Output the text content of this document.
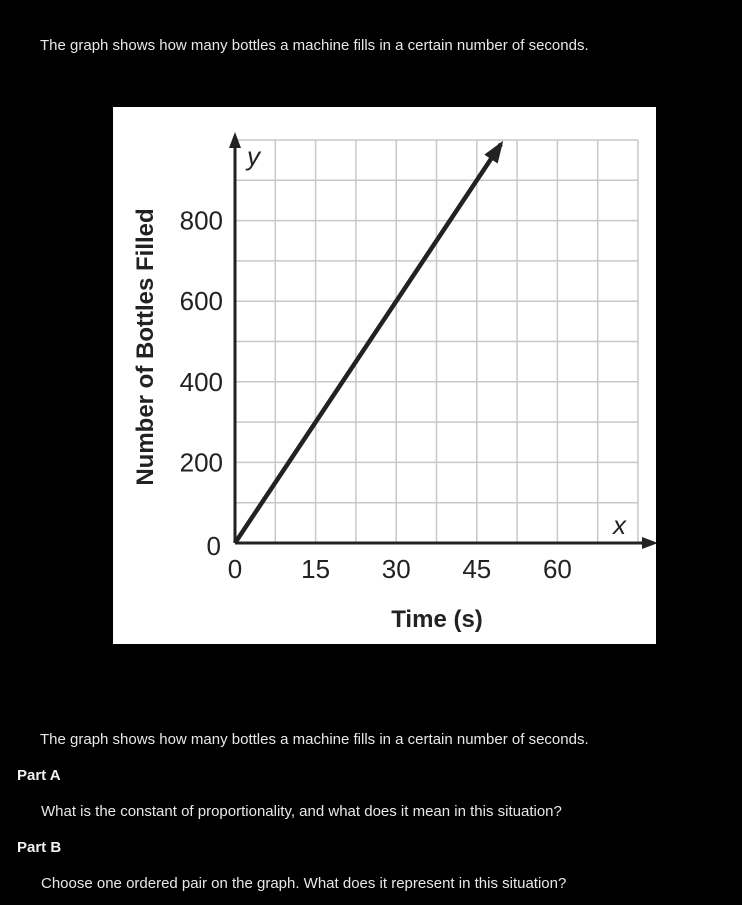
The graph shows how many bottles a machine fills in a certain number of seconds.
0 15 30 45 60
0
200
400
600
800
Number of Bottles Filled
Time (s)
y
x
The graph shows how many bottles a machine fills in a certain number of seconds.
Part A
What is the constant of proportionality, and what does it mean in this situation?
Part B
Choose one ordered pair on the graph. What does it represent in this situation?
